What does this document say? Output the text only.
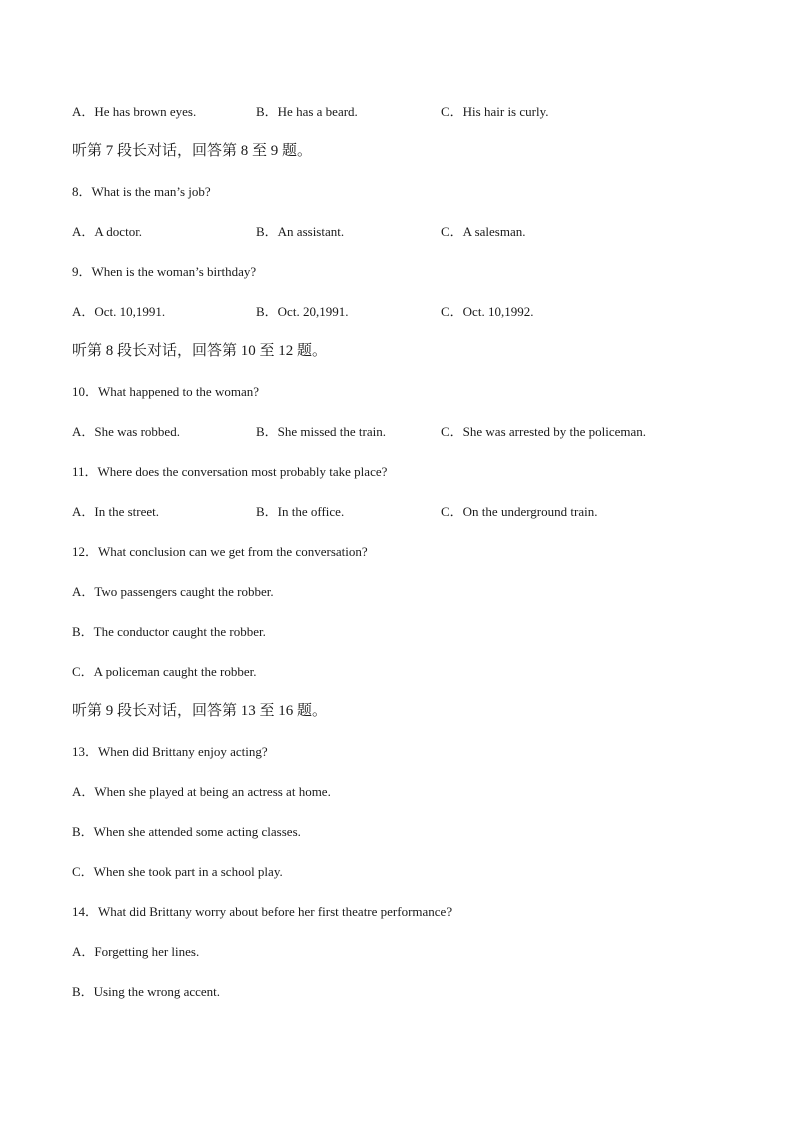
A．He has brown eyes.	B．He has a beard.	C．His hair is curly.
听第 7 段长对话，回答第 8 至 9 题。
8．What is the man’s job?
A．A doctor.	B．An assistant.	C．A salesman.
9．When is the woman’s birthday?
A．Oct. 10,1991.	B．Oct. 20,1991.	C．Oct. 10,1992.
听第 8 段长对话，回答第 10 至 12 题。
10．What happened to the woman?
A．She was robbed.	B．She missed the train.	C．She was arrested by the policeman.
11．Where does the conversation most probably take place?
A．In the street.	B．In the office.	C．On the underground train.
12．What conclusion can we get from the conversation?
A．Two passengers caught the robber.
B．The conductor caught the robber.
C．A policeman caught the robber.
听第 9 段长对话，回答第 13 至 16 题。
13．When did Brittany enjoy acting?
A．When she played at being an actress at home.
B．When she attended some acting classes.
C．When she took part in a school play.
14．What did Brittany worry about before her first theatre performance?
A．Forgetting her lines.
B．Using the wrong accent.
